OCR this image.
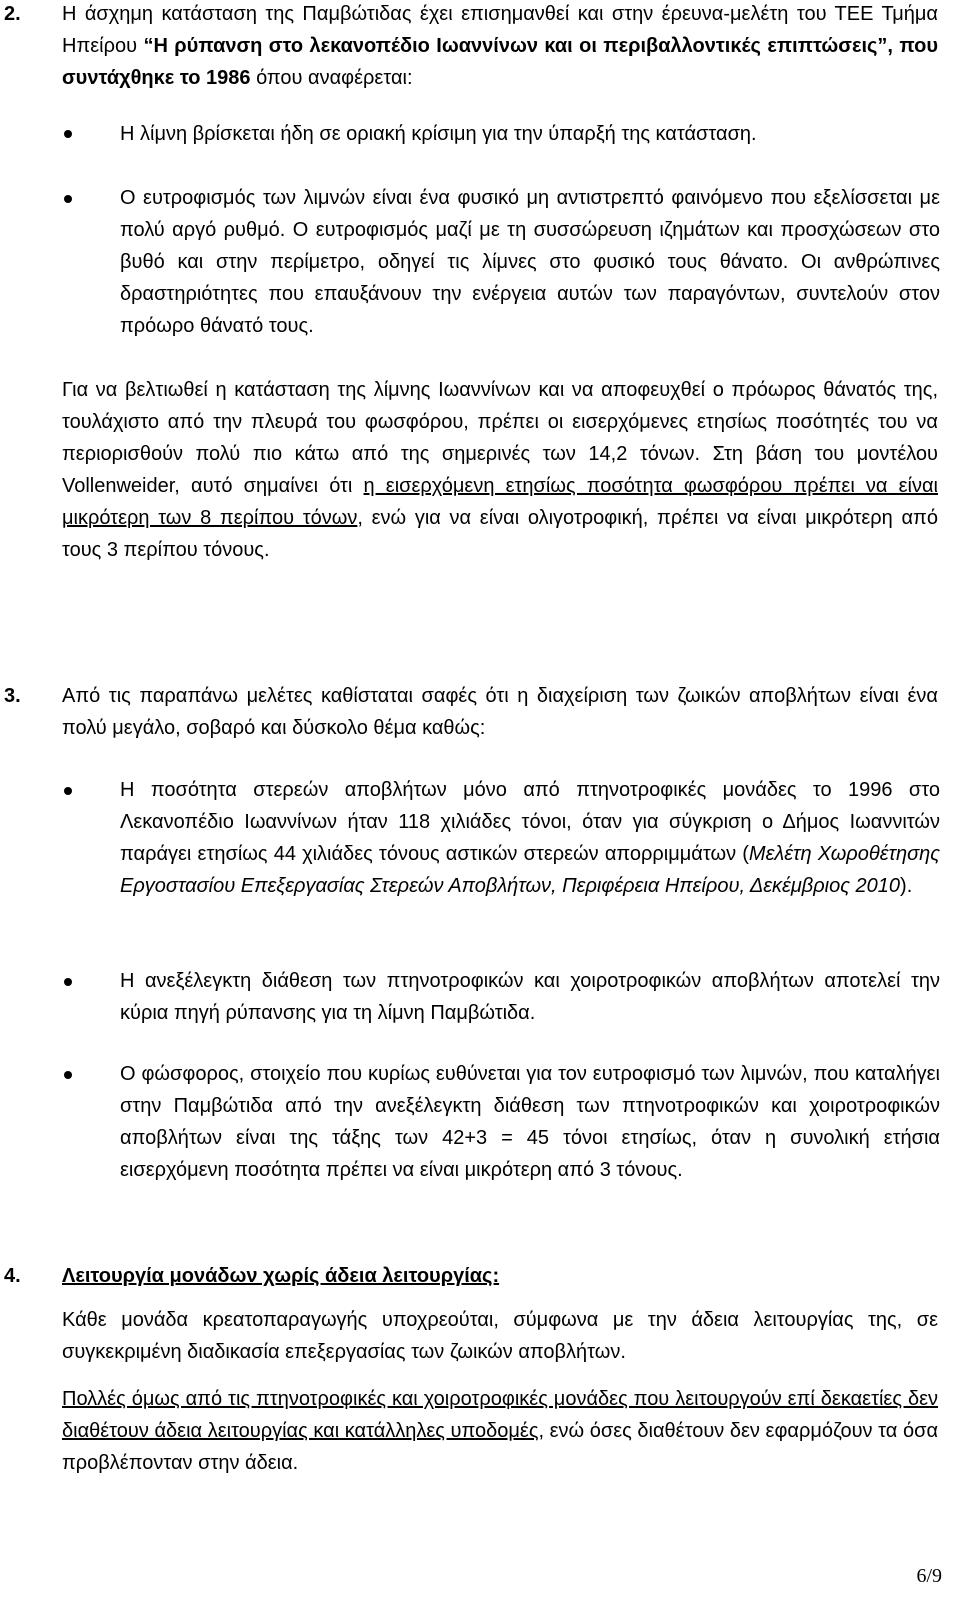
2. Η άσχημη κατάσταση της Παμβώτιδας έχει επισημανθεί και στην έρευνα-μελέτη του ΤΕΕ Τμήμα Ηπείρου “Η ρύπανση στο λεκανοπέδιο Ιωαννίνων και οι περιβαλλοντικές επιπτώσεις”, που συντάχθηκε το 1986 όπου αναφέρεται:
Η λίμνη βρίσκεται ήδη σε οριακή κρίσιμη για την ύπαρξή της κατάσταση.
Ο ευτροφισμός των λιμνών είναι ένα φυσικό μη αντιστρεπτό φαινόμενο που εξελίσσεται με πολύ αργό ρυθμό. Ο ευτροφισμός μαζί με τη συσσώρευση ιζημάτων και προσχώσεων στο βυθό και στην περίμετρο, οδηγεί τις λίμνες στο φυσικό τους θάνατο. Οι ανθρώπινες δραστηριότητες που επαυξάνουν την ενέργεια αυτών των παραγόντων, συντελούν στον πρόωρο θάνατό τους.
Για να βελτιωθεί η κατάσταση της λίμνης Ιωαννίνων και να αποφευχθεί ο πρόωρος θάνατός της, τουλάχιστο από την πλευρά του φωσφόρου, πρέπει οι εισερχόμενες ετησίως ποσότητές του να περιορισθούν πολύ πιο κάτω από της σημερινές των 14,2 τόνων. Στη βάση του μοντέλου Vollenweider, αυτό σημαίνει ότι η εισερχόμενη ετησίως ποσότητα φωσφόρου πρέπει να είναι μικρότερη των 8 περίπου τόνων, ενώ για να είναι ολιγοτροφική, πρέπει να είναι μικρότερη από τους 3 περίπου τόνους.
3. Από τις παραπάνω μελέτες καθίσταται σαφές ότι η διαχείριση των ζωικών αποβλήτων είναι ένα πολύ μεγάλο, σοβαρό και δύσκολο θέμα καθώς:
Η ποσότητα στερεών αποβλήτων μόνο από πτηνοτροφικές μονάδες το 1996 στο Λεκανοπέδιο Ιωαννίνων ήταν 118 χιλιάδες τόνοι, όταν για σύγκριση ο Δήμος Ιωαννιτών παράγει ετησίως 44 χιλιάδες τόνους αστικών στερεών απορριμμάτων (Μελέτη Χωροθέτησης Εργοστασίου Επεξεργασίας Στερεών Αποβλήτων, Περιφέρεια Ηπείρου, Δεκέμβριος 2010).
Η ανεξέλεγκτη διάθεση των πτηνοτροφικών και χοιροτροφικών αποβλήτων αποτελεί την κύρια πηγή ρύπανσης για τη λίμνη Παμβώτιδα.
Ο φώσφορος, στοιχείο που κυρίως ευθύνεται για τον ευτροφισμό των λιμνών, που καταλήγει στην Παμβώτιδα από την ανεξέλεγκτη διάθεση των πτηνοτροφικών και χοιροτροφικών αποβλήτων είναι της τάξης των 42+3 = 45 τόνοι ετησίως, όταν η συνολική ετήσια εισερχόμενη ποσότητα πρέπει να είναι μικρότερη από 3 τόνους.
4. Λειτουργία μονάδων χωρίς άδεια λειτουργίας:
Κάθε μονάδα κρεατοπαραγωγής υποχρεούται, σύμφωνα με την άδεια λειτουργίας της, σε συγκεκριμένη διαδικασία επεξεργασίας των ζωικών αποβλήτων.
Πολλές όμως από τις πτηνοτροφικές και χοιροτροφικές μονάδες που λειτουργούν επί δεκαετίες δεν διαθέτουν άδεια λειτουργίας και κατάλληλες υποδομές, ενώ όσες διαθέτουν δεν εφαρμόζουν τα όσα προβλέπονταν στην άδεια.
6/9
